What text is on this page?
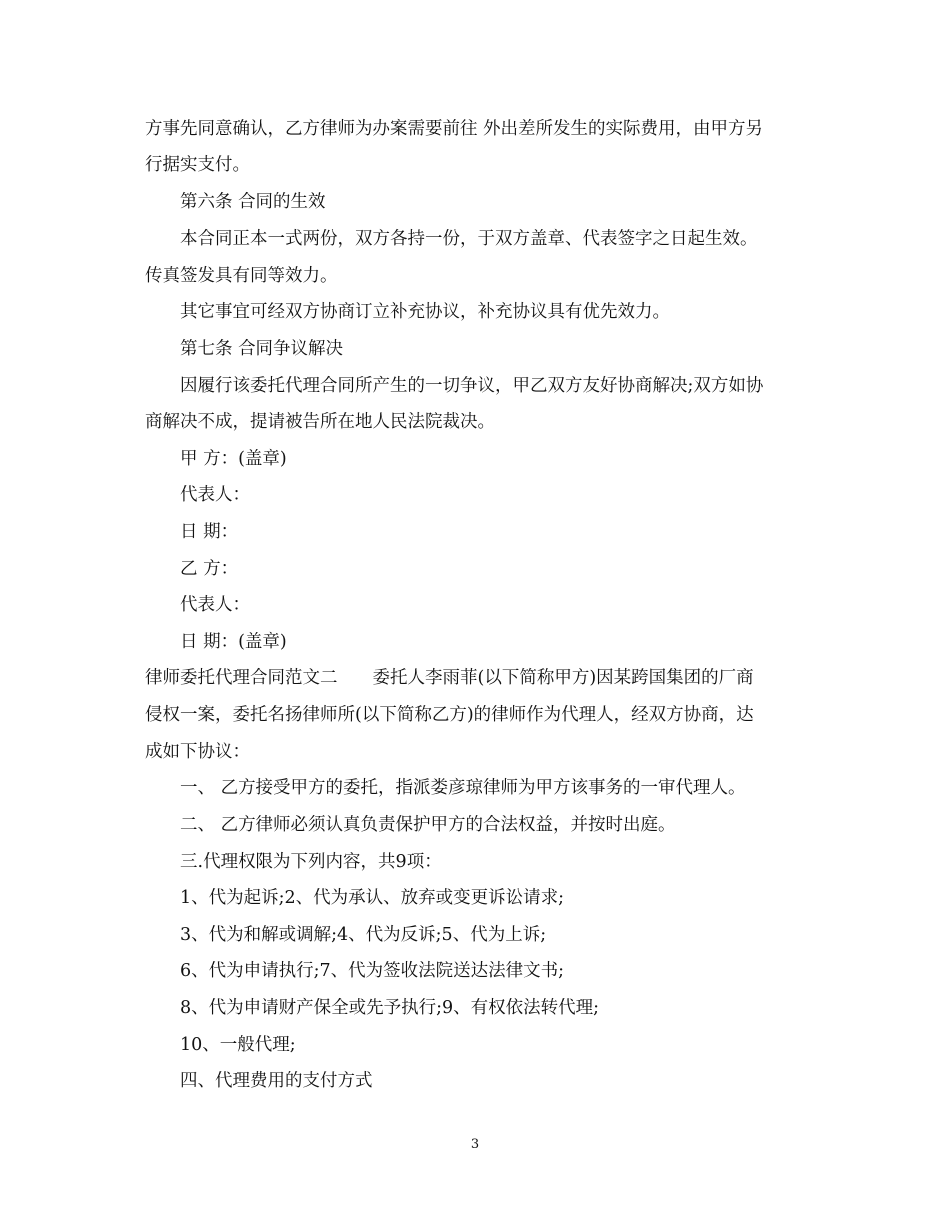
方事先同意确认，乙方律师为办案需要前往 外出差所发生的实际费用，由甲方另
行据实支付。
第六条 合同的生效
本合同正本一式两份，双方各持一份，于双方盖章、代表签字之日起生效。
传真签发具有同等效力。
其它事宜可经双方协商订立补充协议，补充协议具有优先效力。
第七条 合同争议解决
因履行该委托代理合同所产生的一切争议，甲乙双方友好协商解决;双方如协
商解决不成，提请被告所在地人民法院裁决。
甲 方：(盖章)
代表人：
日 期：
乙 方：
代表人：
日 期：(盖章)
律师委托代理合同范文二　　委托人李雨菲(以下简称甲方)因某跨国集团的厂商
侵权一案，委托名扬律师所(以下简称乙方)的律师作为代理人，经双方协商，达
成如下协议：
一、 乙方接受甲方的委托，指派娄彦琼律师为甲方该事务的一审代理人。
二、 乙方律师必须认真负责保护甲方的合法权益，并按时出庭。
三.代理权限为下列内容，共9项：
1、代为起诉;2、代为承认、放弃或变更诉讼请求;
3、代为和解或调解;4、代为反诉;5、代为上诉;
6、代为申请执行;7、代为签收法院送达法律文书;
8、代为申请财产保全或先予执行;9、有权依法转代理;
10、一般代理;
四、代理费用的支付方式
3
